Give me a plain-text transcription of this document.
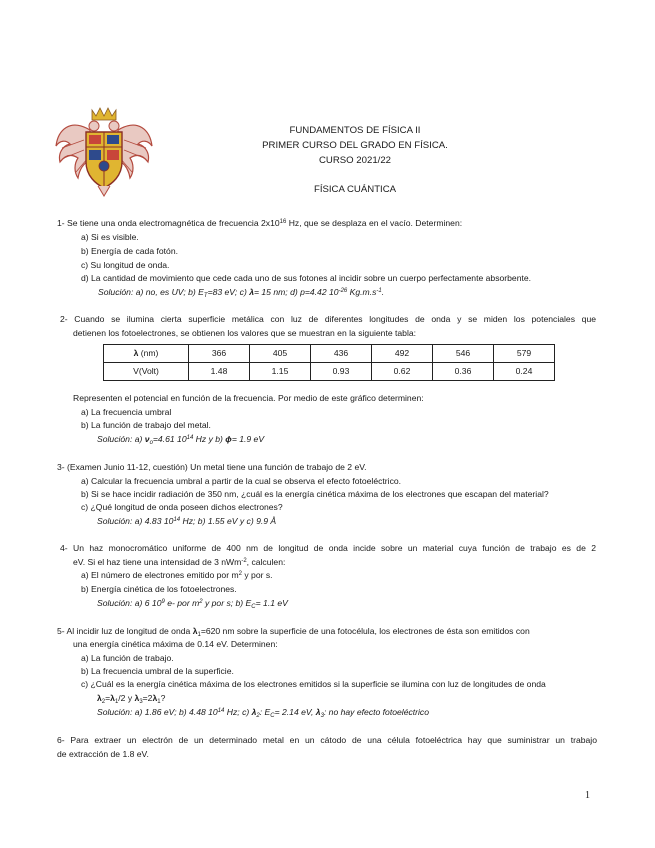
FUNDAMENTOS DE FÍSICA II
PRIMER CURSO DEL GRADO EN FÍSICA.
CURSO 2021/22
FÍSICA CUÁNTICA
1- Se tiene una onda electromagnética de frecuencia $2x10^{16}$ Hz, que se desplaza en el vacío. Determinen:
a) Si es visible.
b) Energía de cada fotón.
c) Su longitud de onda.
d) La cantidad de movimiento que cede cada uno de sus fotones al incidir sobre un cuerpo perfectamente absorbente.
Solución: a) no, es UV; b) $E_T=83$ eV; c) λ= 15 nm; d) p=4.42 $10^{-26}$ $Kg.m.s^{-1}$.
2- Cuando se ilumina cierta superficie metálica con luz de diferentes longitudes de onda y se miden los potenciales que
detienen los fotoelectrones, se obtienen los valores que se muestran en la siguiente tabla:
λ (nm)	366	405	436	492	546	579
V(Volt)	1.48	1.15	0.93	0.62	0.36	0.24
Representen el potencial en función de la frecuencia. Por medio de este gráfico determinen:
a) La frecuencia umbral
b) La función de trabajo del metal.
Solución: a) $\nu_o=4.61$ $10^{14}$ Hz y b) ϕ= 1.9 eV
3- (Examen Junio 11-12, cuestión) Un metal tiene una función de trabajo de 2 eV.
a) Calcular la frecuencia umbral a partir de la cual se observa el efecto fotoeléctrico.
b) Si se hace incidir radiación de 350 nm, ¿cuál es la energía cinética máxima de los electrones que escapan del material?
c) ¿Qué longitud de onda poseen dichos electrones?
Solución: a) 4.83 $10^{14}$ Hz; b) 1.55 eV y c) 9.9 Å
4- Un haz monocromático uniforme de 400 nm de longitud de onda incide sobre un material cuya función de trabajo es de 2
eV. Si el haz tiene una intensidad de 3 nWm$^{-2}$, calculen:
a) El número de electrones emitido por $m^2$ y por s.
b) Energía cinética de los fotoelectrones.
Solución: a) 6 $10^9$ e- por $m^2$ y por s; b) $E_C= 1.1$ eV
5- Al incidir luz de longitud de onda $\lambda_1=620$ nm sobre la superficie de una fotocélula, los electrones de ésta son emitidos con
una energía cinética máxima de 0.14 eV. Determinen:
a) La función de trabajo.
b) La frecuencia umbral de la superficie.
c) ¿Cuál es la energía cinética máxima de los electrones emitidos si la superficie se ilumina con luz de longitudes de onda
$\lambda_2=\lambda_1/2$ y $\lambda_3=2\lambda_1$?
Solución: a) 1.86 eV; b) 4.48 $10^{14}$ Hz; c) $\lambda_2$: $E_C= 2.14$ eV, $\lambda_3$: no hay efecto fotoeléctrico
6- Para extraer un electrón de un determinado metal en un cátodo de una célula fotoeléctrica hay que suministrar un trabajo
de extracción de 1.8 eV.
1
